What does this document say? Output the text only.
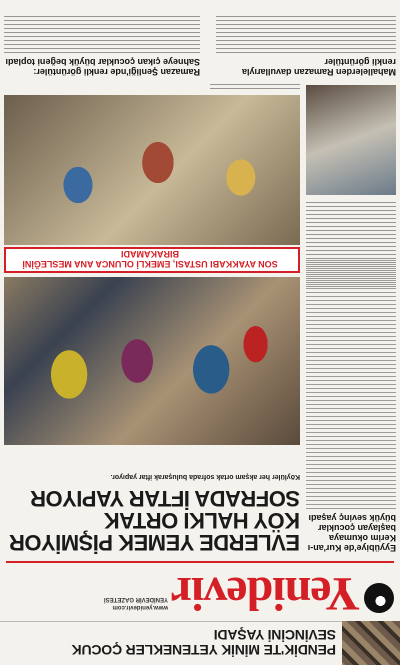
PENDİK'TE MİNİK YETENEKLER ÇOCUK SEVİNCİNİ YAŞADI
Yenidevir
www.yenidevir.com
YENİDEVİR GAZETESİ
EVLERDE YEMEK PİŞMİYOR KÖY HALKI ORTAK SOFRADA İFTAR YAPIYOR
Köylüler her akşam ortak sofrada buluşarak iftar yapıyor.
Eyyübiye'de Kur'an-ı Kerim okumaya başlayan çocuklar büyük sevinç yaşadı
SON AYAKKABI USTASI, EMEKLİ OLUNCA ANA MESLEĞİNİ BIRAKAMADI
Mahallelerden Ramazan davullarıyla renkli görüntüler
Ramazan Şenliği'nde renkli görüntüler: Sahneye çıkan çocuklar büyük beğeni topladı
